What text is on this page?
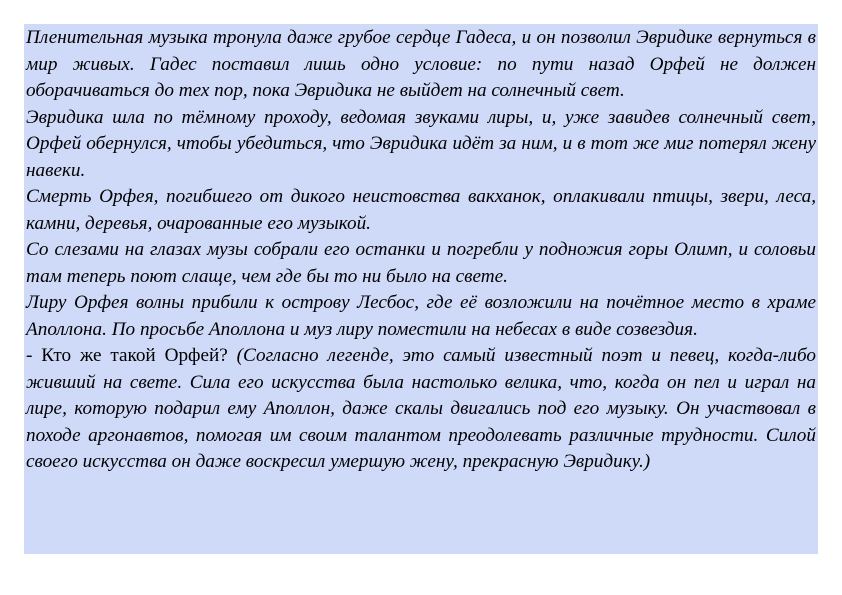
Пленительная музыка тронула даже грубое сердце Гадеса, и он позволил Эвридике вернуться в мир живых. Гадес поставил лишь одно условие: по пути назад Орфей не должен оборачиваться до тех пор, пока Эвридика не выйдет на солнечный свет.

Эвридика шла по тёмному проходу, ведомая звуками лиры, и, уже завидев солнечный свет, Орфей обернулся, чтобы убедиться, что Эвридика идёт за ним, и в тот же миг потерял жену навеки.

Смерть Орфея, погибшего от дикого неистовства вакханок, оплакивали птицы, звери, леса, камни, деревья, очарованные его музыкой.

Со слезами на глазах музы собрали его останки и погребли у подножия горы Олимп, и соловьи там теперь поют слаще, чем где бы то ни было на свете.

Лиру Орфея волны прибили к острову Лесбос, где её возложили на почётное место в храме Аполлона. По просьбе Аполлона и муз лиру поместили на небесах в виде созвездия.

- Кто же такой Орфей? (Согласно легенде, это самый известный поэт и певец, когда-либо живший на свете. Сила его искусства была настолько велика, что, когда он пел и играл на лире, которую подарил ему Аполлон, даже скалы двигались под его музыку. Он участвовал в походе аргонавтов, помогая им своим талантом преодолевать различные трудности. Силой своего искусства он даже воскресил умершую жену, прекрасную Эвридику.)
